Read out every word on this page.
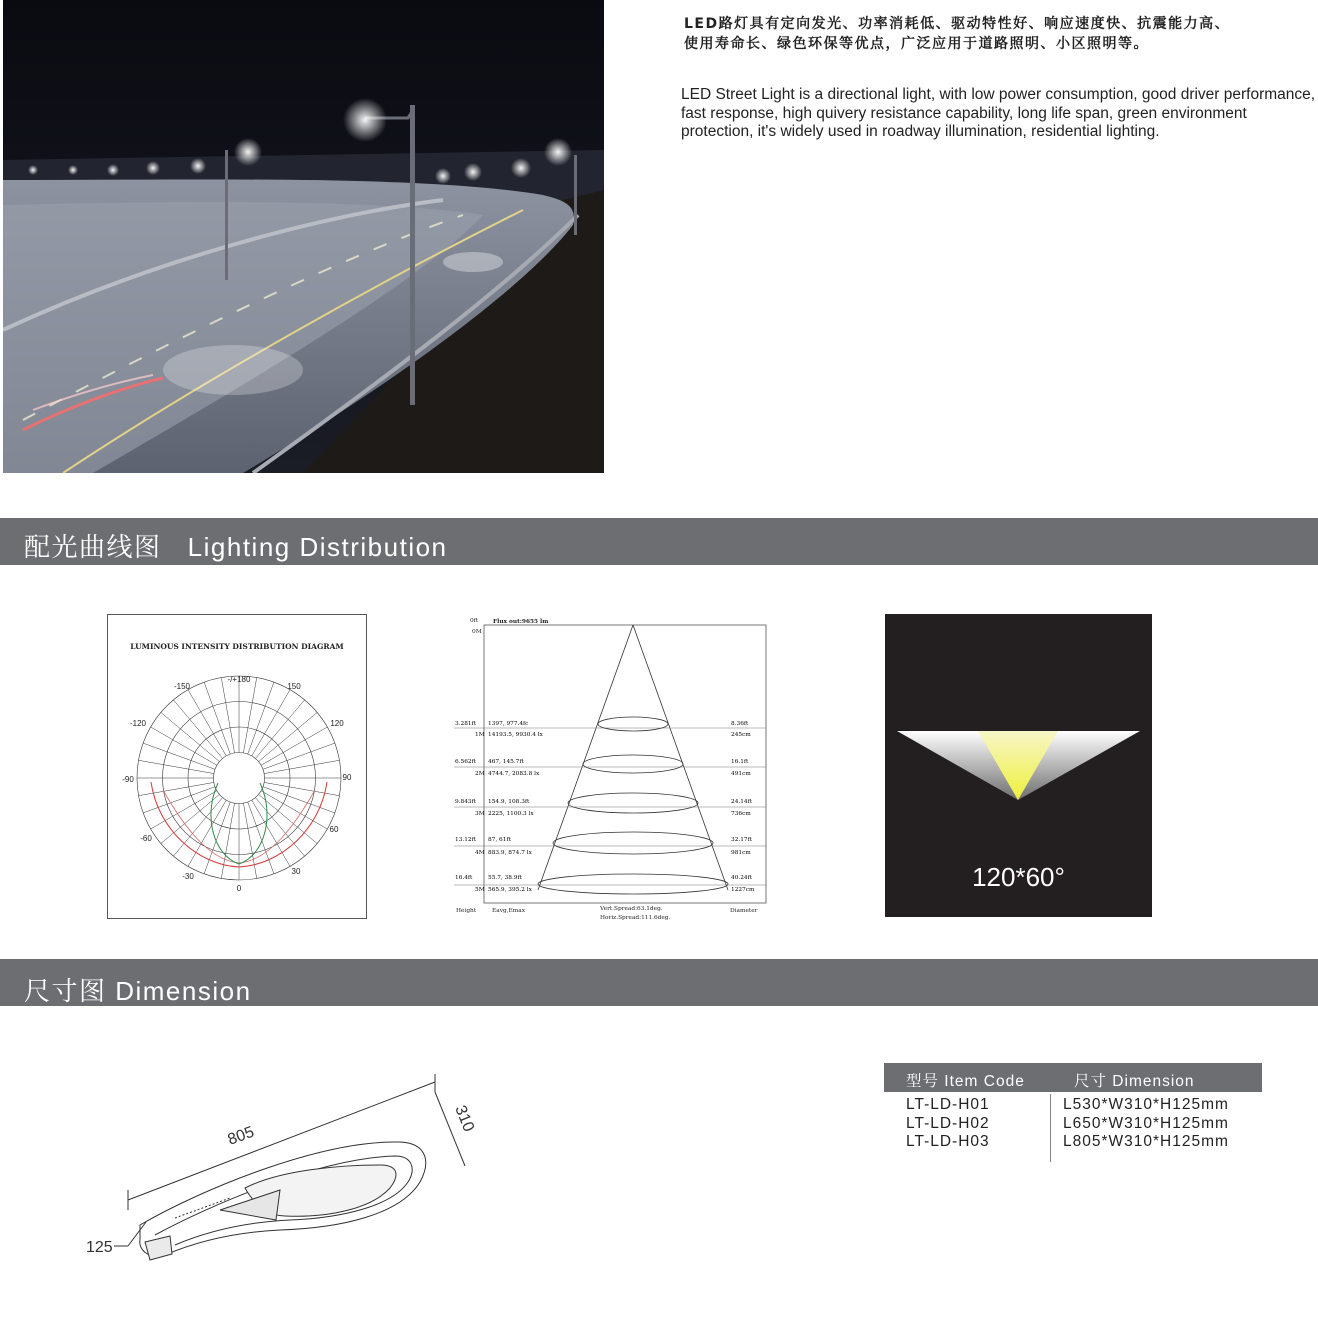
LED路灯具有定向发光、功率消耗低、驱动特性好、响应速度快、抗震能力高、

使用寿命长、绿色环保等优点，广泛应用于道路照明、小区照明等。

LED Street Light is a directional light, with low power consumption, good driver performance, fast response, high quivery resistance capability, long life span, green environment protection, it's widely used in roadway illumination, residential lighting.
配光曲线图   Lighting Distribution
LUMINOUS INTENSITY DISTRIBUTION DIAGRAM
-/+180
-150	150
-120	120
-90	90
-60
60
-30
30
0
Flux out:9655 lm
0ft
0M
3.281ft
1M
1397, 977.4fc
14193.5, 9930.4 lx
8.36ft
245cm
6.562ft
2M
467, 145.7ft
4744.7, 2083.8 lx
16.1ft
491cm
9.843ft
3M
154.9, 108.3ft
2225, 1100.3 lx
24.14ft
736cm
13.12ft
4M
87, 61ft
883.9, 874.7 lx
32.17ft
981cm
16.4ft
5M
55.7, 38.9ft
565.9, 395.2 lx
40.24ft
1227cm
Height	Eavg,Emax	Vert.Spread:63.1deg.
Horiz.Spread:111.6deg.
Diameter
120*60°
尺寸图 Dimension
805
310
125
型号 Item Code	尺寸 Dimension
LT-LD-H01	L530*W310*H125mm
LT-LD-H02	L650*W310*H125mm
LT-LD-H03	L805*W310*H125mm
